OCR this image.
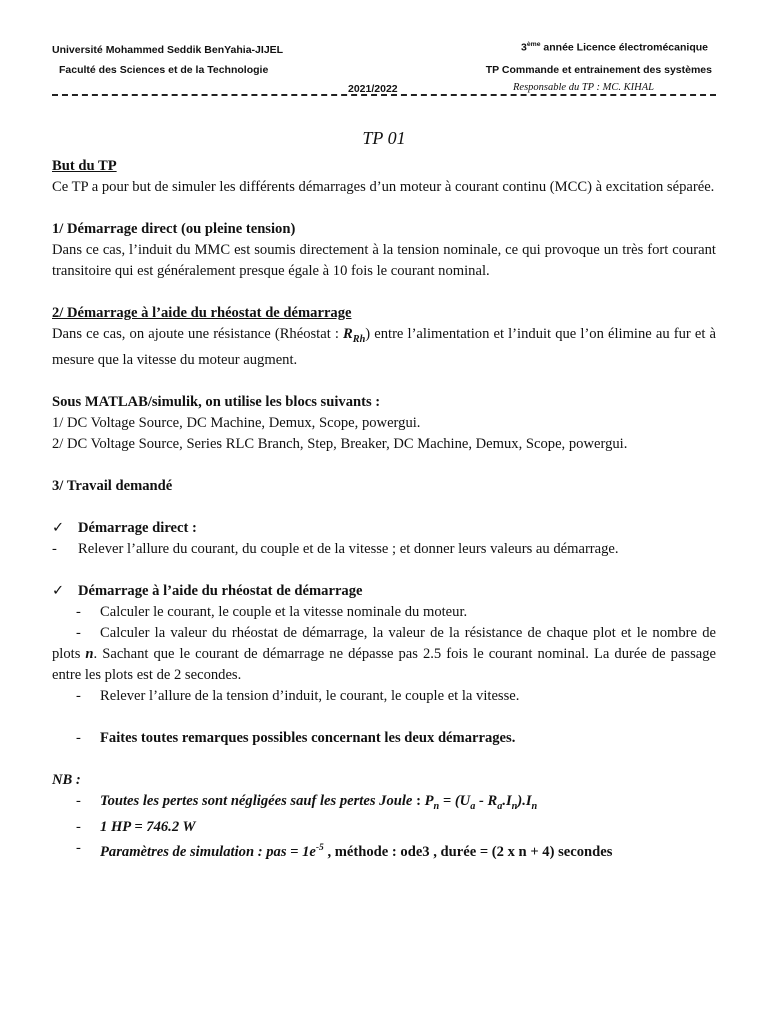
Université Mohammed Seddik BenYahia-JIJEL
Faculté des Sciences et de la Technologie
2021/2022
3ème année Licence électromécanique
TP Commande et entrainement des systèmes
Responsable du TP : MC. KIHAL
TP 01

But du TP

Ce TP a pour but de simuler les différents démarrages d’un moteur à courant continu (MCC) à excitation séparée.

1/ Démarrage direct (ou pleine tension)

Dans ce cas, l’induit du MMC est soumis directement à la tension nominale, ce qui provoque un très fort courant transitoire qui est généralement presque égale à 10 fois le courant nominal.

2/ Démarrage à l’aide du rhéostat de démarrage

Dans ce cas, on ajoute une résistance (Rhéostat : $R_{Rh}$) entre l’alimentation et l’induit que l’on élimine au fur et à mesure que la vitesse du moteur augment.

Sous MATLAB/simulik, on utilise les blocs suivants :

1/ DC Voltage Source, DC Machine, Demux, Scope, powergui.

2/ DC Voltage Source, Series RLC Branch, Step, Breaker, DC Machine, Demux, Scope, powergui.

3/ Travail demandé

✓ Démarrage direct :
-	Relever l’allure du courant, du couple et de la vitesse ; et donner leurs valeurs au démarrage.
✓ Démarrage à l’aide du rhéostat de démarrage
-	Calculer le courant, le couple et la vitesse nominale du moteur.

- Calculer la valeur du rhéostat de démarrage, la valeur de la résistance de chaque plot et le nombre de plots n. Sachant que le courant de démarrage ne dépasse pas 2.5 fois le courant nominal. La durée de passage entre les plots est de 2 secondes.

-	Relever l’allure de la tension d’induit, le courant, le couple et la vitesse.
-	Faites toutes remarques possibles concernant les deux démarrages.

NB :

-	Toutes les pertes sont négligées sauf les pertes Joule : $P_n = (U_a - R_a.I_n).I_n$
-	1 HP = 746.2 W
-	Paramètres de simulation : pas = $1e^{-5}$ , méthode : ode3 , durée = (2 x n + 4) secondes
